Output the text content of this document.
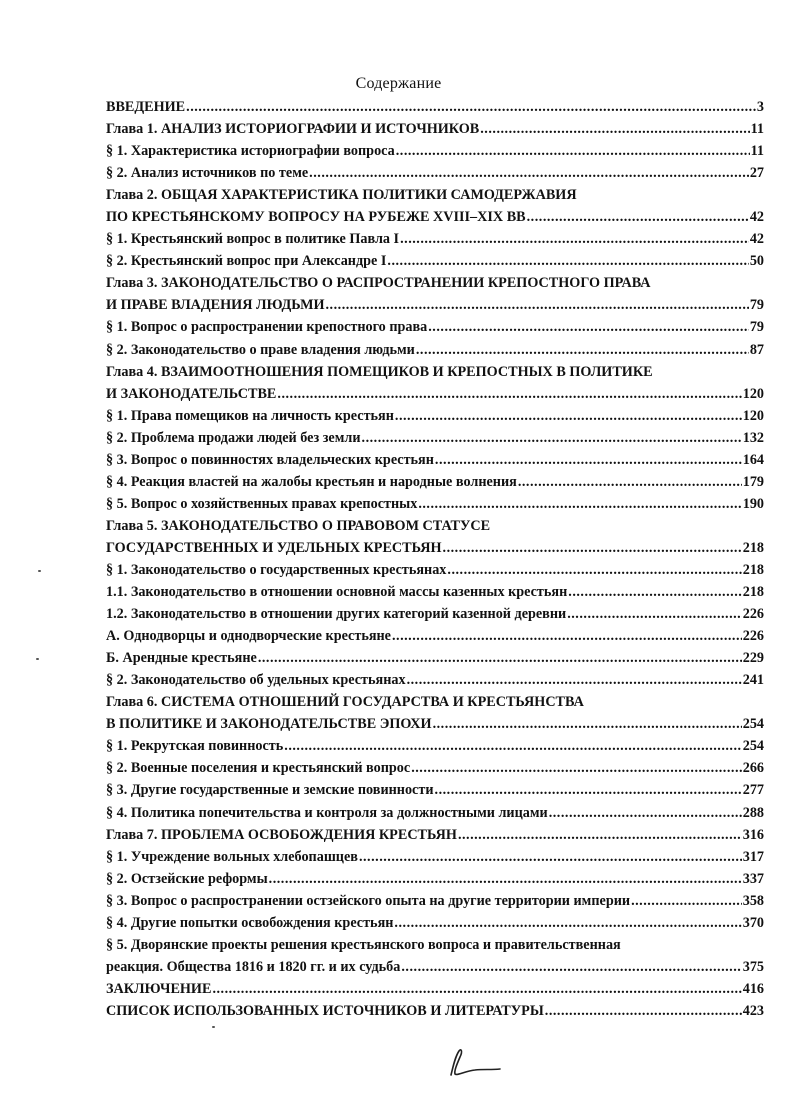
Содержание
ВВЕДЕНИЕ .....	3
Глава 1. АНАЛИЗ ИСТОРИОГРАФИИ И ИСТОЧНИКОВ .....	11
§ 1. Характеристика историографии вопроса .....	11
§ 2. Анализ источников по теме .....	27
Глава 2. ОБЩАЯ ХАРАКТЕРИСТИКА ПОЛИТИКИ САМОДЕРЖАВИЯ
ПО КРЕСТЬЯНСКОМУ ВОПРОСУ НА РУБЕЖЕ XVIII–XIX ВВ .....	42
§ 1. Крестьянский вопрос в политике Павла I .....	42
§ 2. Крестьянский вопрос при Александре I .....	50
Глава 3. ЗАКОНОДАТЕЛЬСТВО О РАСПРОСТРАНЕНИИ КРЕПОСТНОГО ПРАВА
И ПРАВЕ ВЛАДЕНИЯ ЛЮДЬМИ .....	79
§ 1. Вопрос о распространении крепостного права .....	79
§ 2. Законодательство о праве владения людьми .....	87
Глава 4. ВЗАИМООТНОШЕНИЯ ПОМЕЩИКОВ И КРЕПОСТНЫХ В ПОЛИТИКЕ
И ЗАКОНОДАТЕЛЬСТВЕ .....	120
§ 1. Права помещиков на личность крестьян .....	120
§ 2. Проблема продажи людей без земли .....	132
§ 3. Вопрос о повинностях владельческих крестьян .....	164
§ 4. Реакция властей на жалобы крестьян и народные волнения .....	179
§ 5. Вопрос о хозяйственных правах крепостных .....	190
Глава 5. ЗАКОНОДАТЕЛЬСТВО О ПРАВОВОМ СТАТУСЕ
ГОСУДАРСТВЕННЫХ И УДЕЛЬНЫХ КРЕСТЬЯН .....	218
§ 1. Законодательство о государственных крестьянах .....	218
1.1. Законодательство в отношении основной массы казенных крестьян .....	218
1.2. Законодательство в отношении других категорий казенной деревни .....	226
А. Однодворцы и однодворческие крестьяне .....	226
Б. Арендные крестьяне .....	229
§ 2. Законодательство об удельных крестьянах .....	241
Глава 6. СИСТЕМА ОТНОШЕНИЙ ГОСУДАРСТВА И КРЕСТЬЯНСТВА
В ПОЛИТИКЕ И ЗАКОНОДАТЕЛЬСТВЕ ЭПОХИ .....	254
§ 1. Рекрутская повинность .....	254
§ 2. Военные поселения и крестьянский вопрос .....	266
§ 3. Другие государственные и земские повинности .....	277
§ 4. Политика попечительства и контроля за должностными лицами .....	288
Глава 7. ПРОБЛЕМА ОСВОБОЖДЕНИЯ КРЕСТЬЯН .....	316
§ 1. Учреждение вольных хлебопашцев .....	317
§ 2. Остзейские реформы .....	337
§ 3. Вопрос о распространении остзейского опыта на другие территории империи .....	358
§ 4. Другие попытки освобождения крестьян .....	370
§ 5. Дворянские проекты решения крестьянского вопроса и правительственная
реакция. Общества 1816 и 1820 гг. и их судьба .....	375
ЗАКЛЮЧЕНИЕ .....	416
СПИСОК ИСПОЛЬЗОВАННЫХ ИСТОЧНИКОВ И ЛИТЕРАТУРЫ .....	423
